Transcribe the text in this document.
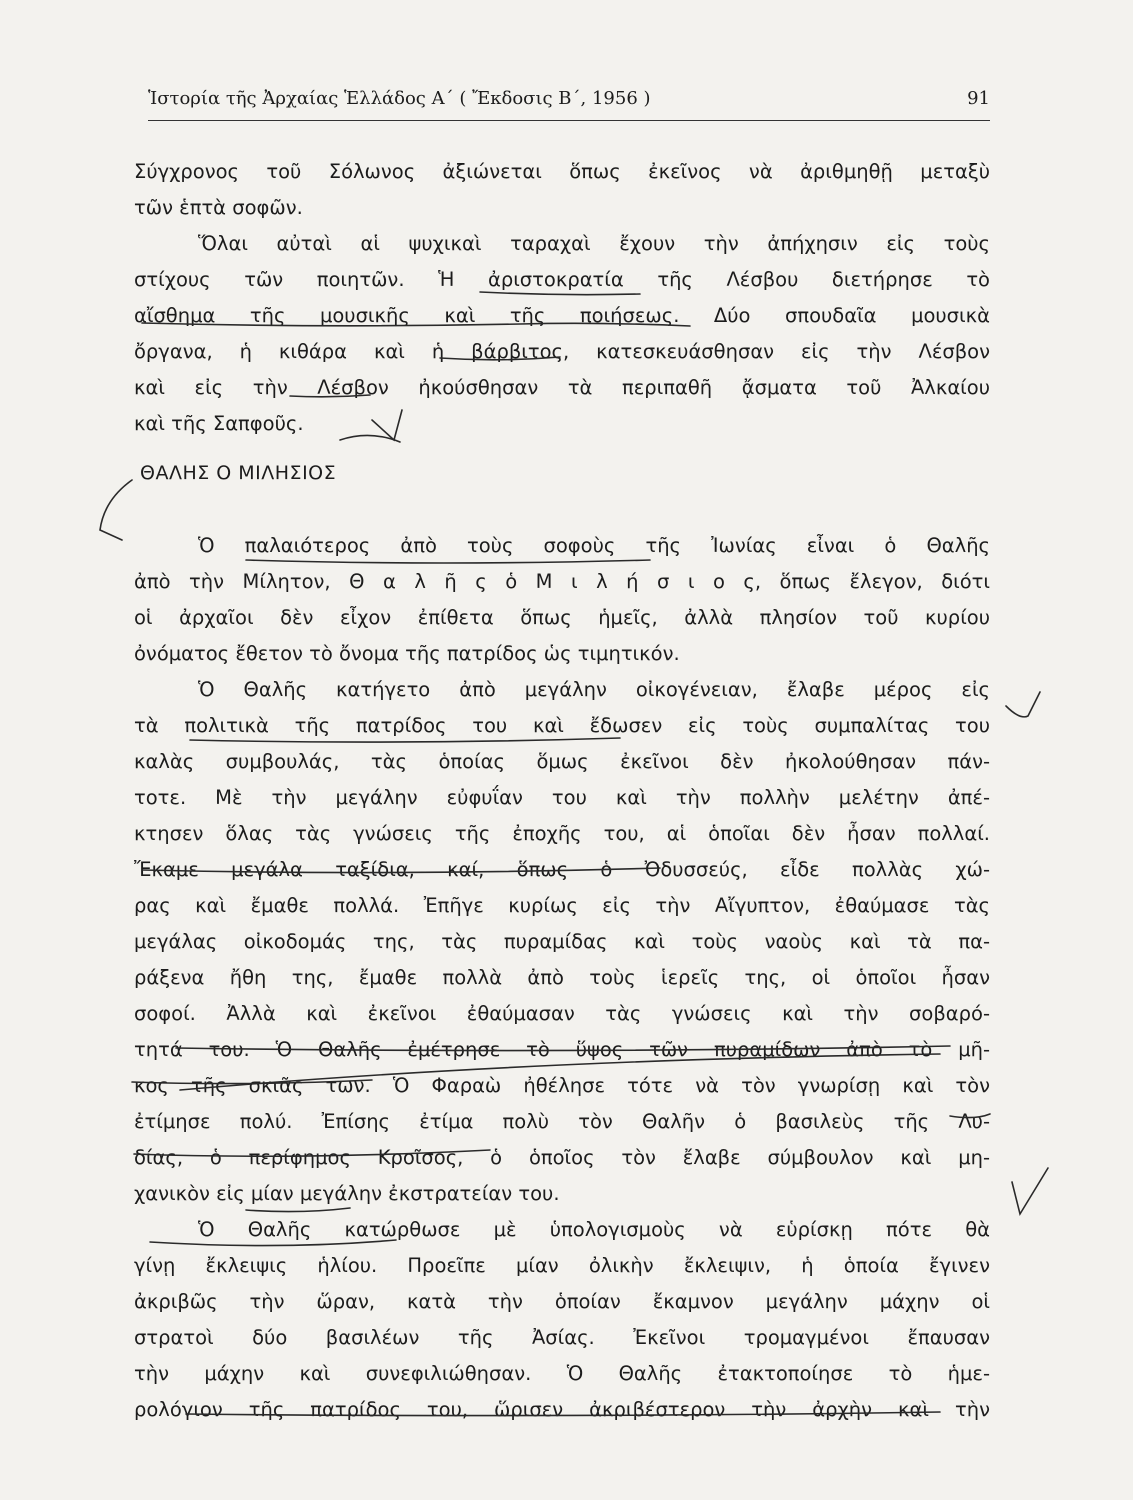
Ἱστορία τῆς Ἀρχαίας Ἑλλάδος Α´ ( Ἔκδοσις Β´, 1956 )	91
Σύγχρονος τοῦ Σόλωνος ἀξιώνεται ὅπως ἐκεῖνος νὰ ἀριθμηθῇ μεταξὺ
τῶν ἑπτὰ σοφῶν.
Ὅλαι αὐταὶ αἱ ψυχικαὶ ταραχαὶ ἔχουν τὴν ἀπήχησιν εἰς τοὺς
στίχους τῶν ποιητῶν. Ἡ ἀριστοκρατία τῆς Λέσβου διετήρησε τὸ
αἴσθημα τῆς μουσικῆς καὶ τῆς ποιήσεως. Δύο σπουδαῖα μουσικὰ
ὄργανα, ἡ κιθάρα καὶ ἡ βάρβιτος, κατεσκευάσθησαν εἰς τὴν Λέσβον
καὶ εἰς τὴν Λέσβον ἠκούσθησαν τὰ περιπαθῆ ᾄσματα τοῦ Ἀλκαίου
καὶ τῆς Σαπφοῦς.
ΘΑΛΗΣ Ο ΜΙΛΗΣΙΟΣ
Ὁ παλαιότερος ἀπὸ τοὺς σοφοὺς τῆς Ἰωνίας εἶναι ὁ Θαλῆς
ἀπὸ τὴν Μίλητον, Θ α λ ῆ ς ὁ Μ ι λ ή σ ι ο ς, ὅπως ἔλεγον, διότι
οἱ ἀρχαῖοι δὲν εἶχον ἐπίθετα ὅπως ἡμεῖς, ἀλλὰ πλησίον τοῦ κυρίου
ὀνόματος ἔθετον τὸ ὄνομα τῆς πατρίδος ὡς τιμητικόν.
Ὁ Θαλῆς κατήγετο ἀπὸ μεγάλην οἰκογένειαν, ἔλαβε μέρος εἰς
τὰ πολιτικὰ τῆς πατρίδος του καὶ ἔδωσεν εἰς τοὺς συμπαλίτας του
καλὰς συμβουλάς, τὰς ὁποίας ὅμως ἐκεῖνοι δὲν ἠκολούθησαν πάν-
τοτε. Μὲ τὴν μεγάλην εὐφυΐαν του καὶ τὴν πολλὴν μελέτην ἀπέ-
κτησεν ὅλας τὰς γνώσεις τῆς ἐποχῆς του, αἱ ὁποῖαι δὲν ἦσαν πολλαί.
Ἔκαμε μεγάλα ταξίδια, καί, ὅπως ὁ Ὀδυσσεύς, εἶδε πολλὰς χώ-
ρας καὶ ἔμαθε πολλά. Ἐπῆγε κυρίως εἰς τὴν Αἴγυπτον, ἐθαύμασε τὰς
μεγάλας οἰκοδομάς της, τὰς πυραμίδας καὶ τοὺς ναοὺς καὶ τὰ πα-
ράξενα ἤθη της, ἔμαθε πολλὰ ἀπὸ τοὺς ἱερεῖς της, οἱ ὁποῖοι ἦσαν
σοφοί. Ἀλλὰ καὶ ἐκεῖνοι ἐθαύμασαν τὰς γνώσεις καὶ τὴν σοβαρό-
τητά του. Ὁ Θαλῆς ἐμέτρησε τὸ ὕψος τῶν πυραμίδων ἀπὸ τὸ μῆ-
κος τῆς σκιᾶς των. Ὁ Φαραὼ ἠθέλησε τότε νὰ τὸν γνωρίσῃ καὶ τὸν
ἐτίμησε πολύ. Ἐπίσης ἐτίμα πολὺ τὸν Θαλῆν ὁ βασιλεὺς τῆς Λυ-
δίας, ὁ περίφημος Κροῖσος, ὁ ὁποῖος τὸν ἔλαβε σύμβουλον καὶ μη-
χανικὸν εἰς μίαν μεγάλην ἐκστρατείαν του.
Ὁ Θαλῆς κατώρθωσε μὲ ὑπολογισμοὺς νὰ εὑρίσκῃ πότε θὰ
γίνῃ ἔκλειψις ἡλίου. Προεῖπε μίαν ὀλικὴν ἔκλειψιν, ἡ ὁποία ἔγινεν
ἀκριβῶς τὴν ὥραν, κατὰ τὴν ὁποίαν ἔκαμνον μεγάλην μάχην οἱ
στρατοὶ δύο βασιλέων τῆς Ἀσίας. Ἐκεῖνοι τρομαγμένοι ἔπαυσαν
τὴν μάχην καὶ συνεφιλιώθησαν. Ὁ Θαλῆς ἐτακτοποίησε τὸ ἡμε-
ρολόγιον τῆς πατρίδος του, ὥρισεν ἀκριβέστερον τὴν ἀρχὴν καὶ τὴν
